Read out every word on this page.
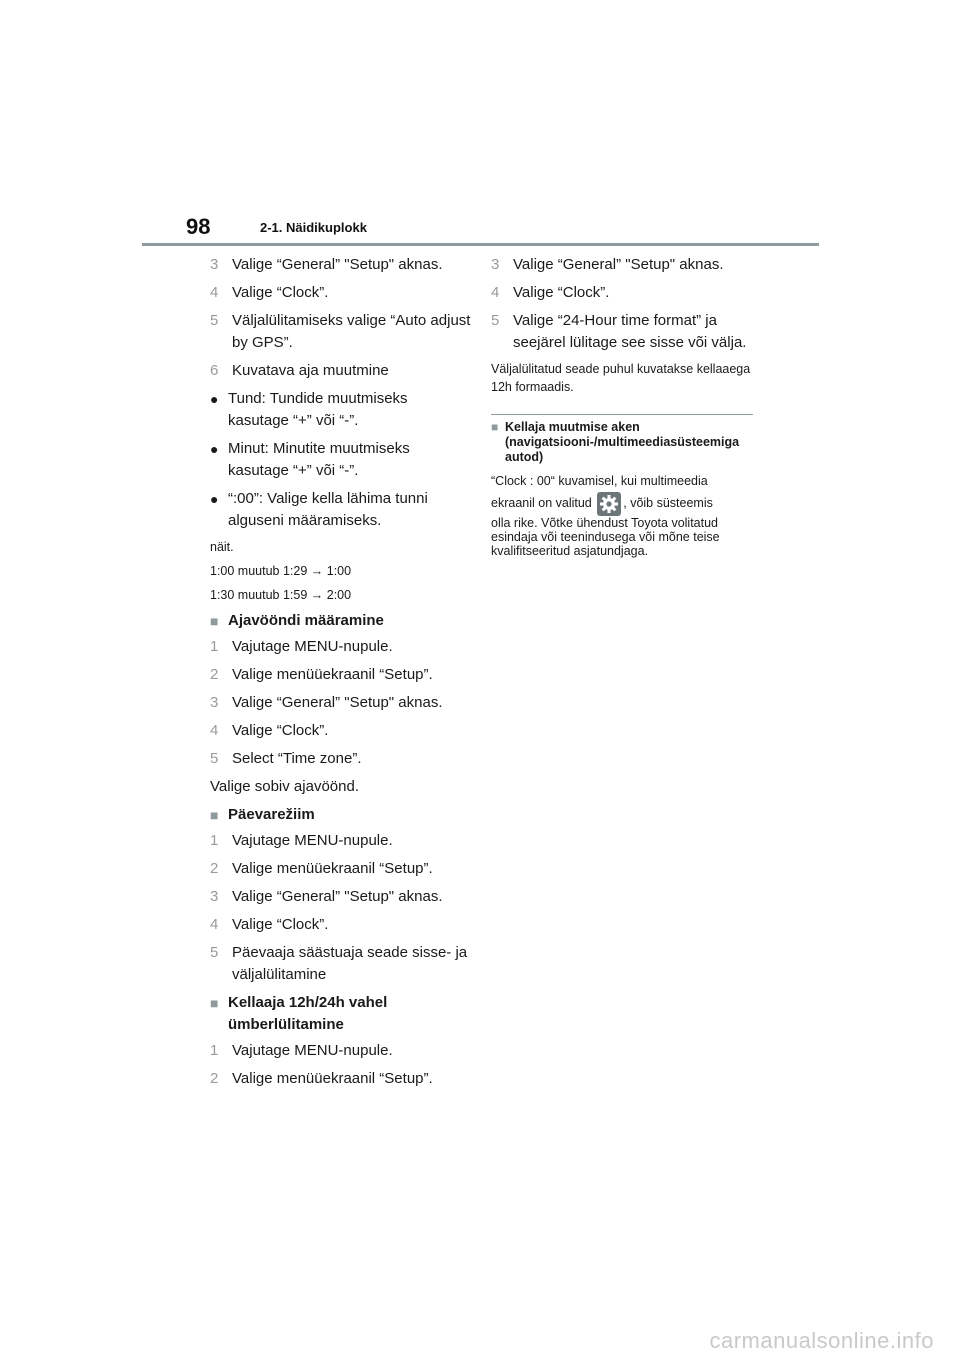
98	2-1. Näidikuplokk
3 Valige “General” "Setup" aknas.
4 Valige “Clock”.
5 Väljalülitamiseks valige “Auto adjust by GPS”.
6 Kuvatava aja muutmine
● Tund: Tundide muutmiseks kasutage “+” või “-”.
● Minut: Minutite muutmiseks kasutage “+” või “-”.
● “:00”: Valige kella lähima tunni alguseni määramiseks.
näit.
1:00 muutub 1:29 → 1:00
1:30 muutub 1:59 → 2:00
■ Ajavööndi määramine
1 Vajutage MENU-nupule.
2 Valige menüüekraanil “Setup”.
3 Valige “General” "Setup" aknas.
4 Valige “Clock”.
5 Select “Time zone”.
Valige sobiv ajavöönd.
■ Päevarežiim
1 Vajutage MENU-nupule.
2 Valige menüüekraanil “Setup”.
3 Valige “General” "Setup" aknas.
4 Valige “Clock”.
5 Päevaaja säästuaja seade sisse- ja väljalülitamine
■ Kellaaja 12h/24h vahel ümberlülitamine
1 Vajutage MENU-nupule.
2 Valige menüüekraanil “Setup”.
3 Valige “General” "Setup" aknas.
4 Valige “Clock”.
5 Valige “24-Hour time format” ja seejärel lülitage see sisse või välja.
Väljalülitatud seade puhul kuvatakse kellaaega 12h formaadis.
■ Kellaja muutmise aken (navigatsiooni-/multimeediasüsteemiga autod)
“Clock : 00“ kuvamisel, kui multimeedia
ekraanil on valitud	, võib süsteemis
olla rike. Võtke ühendust Toyota volitatud esindaja või teenindusega või mõne teise kvalifitseeritud asjatundjaga.
carmanualsonline.info
